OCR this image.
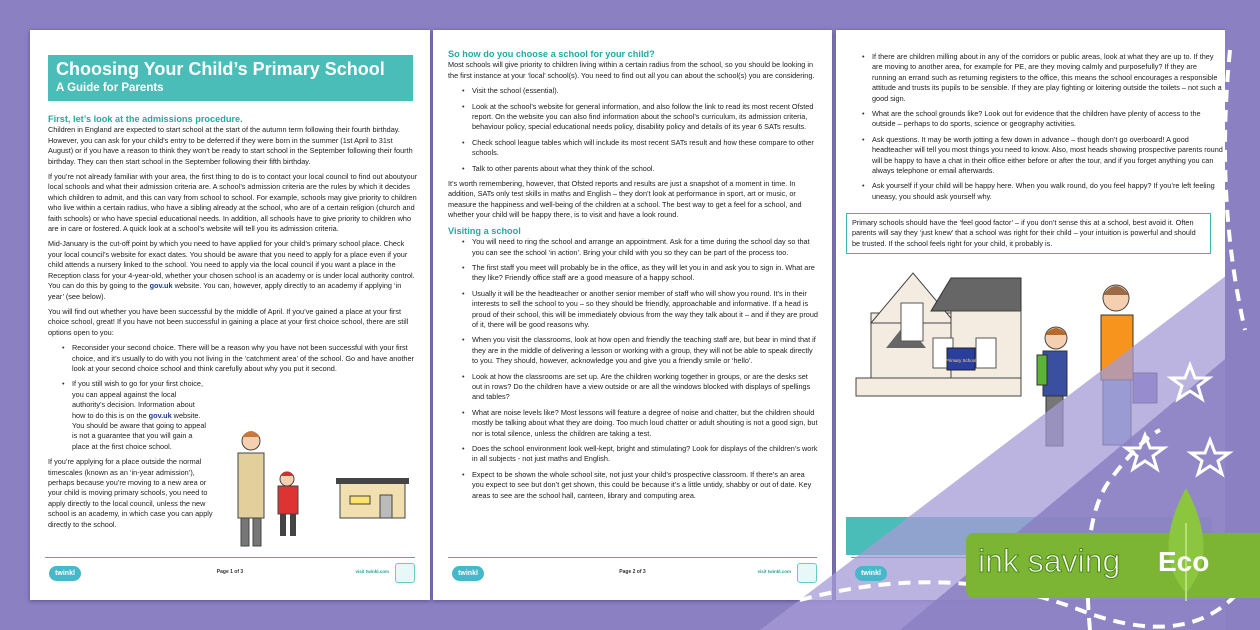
Choosing Your Child’s Primary School
A Guide for Parents
First, let’s look at the admissions procedure.

Children in England are expected to start school at the start of the autumn term following their fourth birthday. However, you can ask for your child’s entry to be deferred if they were born in the summer (1st April to 31st August) or if you have a reason to think they won’t be ready to start school in the September following their fourth birthday. They can then start school in the September following their fifth birthday.

If you’re not already familiar with your area, the first thing to do is to contact your local council to find out aboutyour local schools and what their admission criteria are. A school’s admission criteria are the rules by which it decides which children to admit, and this can vary from school to school. For example, schools may give priority to children who live within a certain radius, who have a sibling already at the school, who are of a certain religion (church and faith schools) or who have special educational needs. In addition, all schools have to give priority to children who are in care or fostered. A quick look at a school’s website will tell you its admission criteria.

Mid-January is the cut-off point by which you need to have applied for your child’s primary school place. Check your local council’s website for exact dates. You should be aware that you need to apply for a place even if your child attends a nursery linked to the school. You need to apply via the local council if you want a place in the Reception class for your 4-year-old, whether your chosen school is an academy or is under local authority control. You can do this by going to the gov.uk website. You can, however, apply directly to an academy if applying ‘in year’ (see below).

You will find out whether you have been successful by the middle of April. If you’ve gained a place at your first choice school, great! If you have not been successful in gaining a place at your first choice school, there are still options open to you:

• Reconsider your second choice. There will be a reason why you have not been successful with your first choice, and it’s usually to do with you not living in the ‘catchment area’ of the school. Go and have another look at your second choice school and think carefully about why you put it second.
• If you still wish to go for your first choice, you can appeal against the local authority’s decision. Information about how to do this is on the gov.uk website. You should be aware that going to appeal is not a guarantee that you will gain a place at the first choice school.

If you’re applying for a place outside the normal timescales (known as an ‘in-year admission’), perhaps because you’re moving to a new area or your child is moving primary schools, you need to apply directly to the local council, unless the new school is an academy, in which case you can apply directly to the school.

twinkl	Page 1 of 3	visit twinkl.com
So how do you choose a school for your child?

Most schools will give priority to children living within a certain radius from the school, so you should be looking in the first instance at your ‘local’ school(s). You need to find out all you can about the school(s) you are considering.

• Visit the school (essential).
• Look at the school’s website for general information, and also follow the link to read its most recent Ofsted report. On the website you can also find information about the school’s curriculum, its admission criteria, behaviour policy, special educational needs policy, disability policy and details of its year 6 SATs results.
• Check school league tables which will include its most recent SATs result and how these compare to other schools.
• Talk to other parents about what they think of the school.

It’s worth remembering, however, that Ofsted reports and results are just a snapshot of a moment in time. In addition, SATs only test skills in maths and English – they don’t look at performance in sport, art or music, or measure the happiness and well-being of the children at a school. The best way to get a feel for a school, and whether your child will be happy there, is to visit and have a look round.

Visiting a school
• You will need to ring the school and arrange an appointment. Ask for a time during the school day so that you can see the school ‘in action’. Bring your child with you so they can be part of the process too.
• The first staff you meet will probably be in the office, as they will let you in and ask you to sign in. What are they like? Friendly office staff are a good measure of a happy school.
• Usually it will be the headteacher or another senior member of staff who will show you round. It’s in their interests to sell the school to you – so they should be friendly, approachable and informative. If a head is proud of their school, this will be immediately obvious from the way they talk about it – and if they are proud of it, there will be good reasons why.
• When you visit the classrooms, look at how open and friendly the teaching staff are, but bear in mind that if they are in the middle of delivering a lesson or working with a group, they will not be able to speak directly to you. They should, however, acknowledge you and give you a friendly smile or ‘hello’.
• Look at how the classrooms are set up. Are the children working together in groups, or are the desks set out in rows? Do the children have a view outside or are all the windows blocked with displays of spellings and tables?
• What are noise levels like? Most lessons will feature a degree of noise and chatter, but the children should mostly be talking about what they are doing. Too much loud chatter or adult shouting is not a good sign, but nor is total silence, unless the children are taking a test.
• Does the school environment look well-kept, bright and stimulating? Look for displays of the children’s work in all subjects - not just maths and English.
• Expect to be shown the whole school site, not just your child’s prospective classroom. If there’s an area you expect to see but don’t get shown, this could be because it’s a little untidy, shabby or out of date. Key areas to see are the school hall, canteen, library and computing area.
twinkl	Page 2 of 3	visit twinkl.com
• If there are children milling about in any of the corridors or public areas, look at what they are up to. If they are moving to another area, for example for PE, are they moving calmly and purposefully? If they are running an errand such as returning registers to the office, this means the school encourages a responsible attitude and trusts its pupils to be sensible. If they are play fighting or loitering outside the toilets – not such a good sign.
• What are the school grounds like? Look out for evidence that the children have plenty of access to the outside – perhaps to do sports, science or geography activities.
• Ask questions. It may be worth jotting a few down in advance – though don’t go overboard! A good headteacher will tell you most things you need to know. Also, most heads showing prospective parents round will be happy to have a chat in their office either before or after the tour, and if you forget anything you can always telephone or email afterwards.
• Ask yourself if your child will be happy here. When you walk round, do you feel happy? If you’re left feeling uneasy, you should ask yourself why.
Primary schools should have the ‘feel good factor’ – if you don’t sense this at a school, best avoid it. Often parents will say they ‘just knew’ that a school was right for their child – your intuition is powerful and should be trusted. If the school feels right for your child, it probably is.
Primary School
twinkl	ink saving Eco
